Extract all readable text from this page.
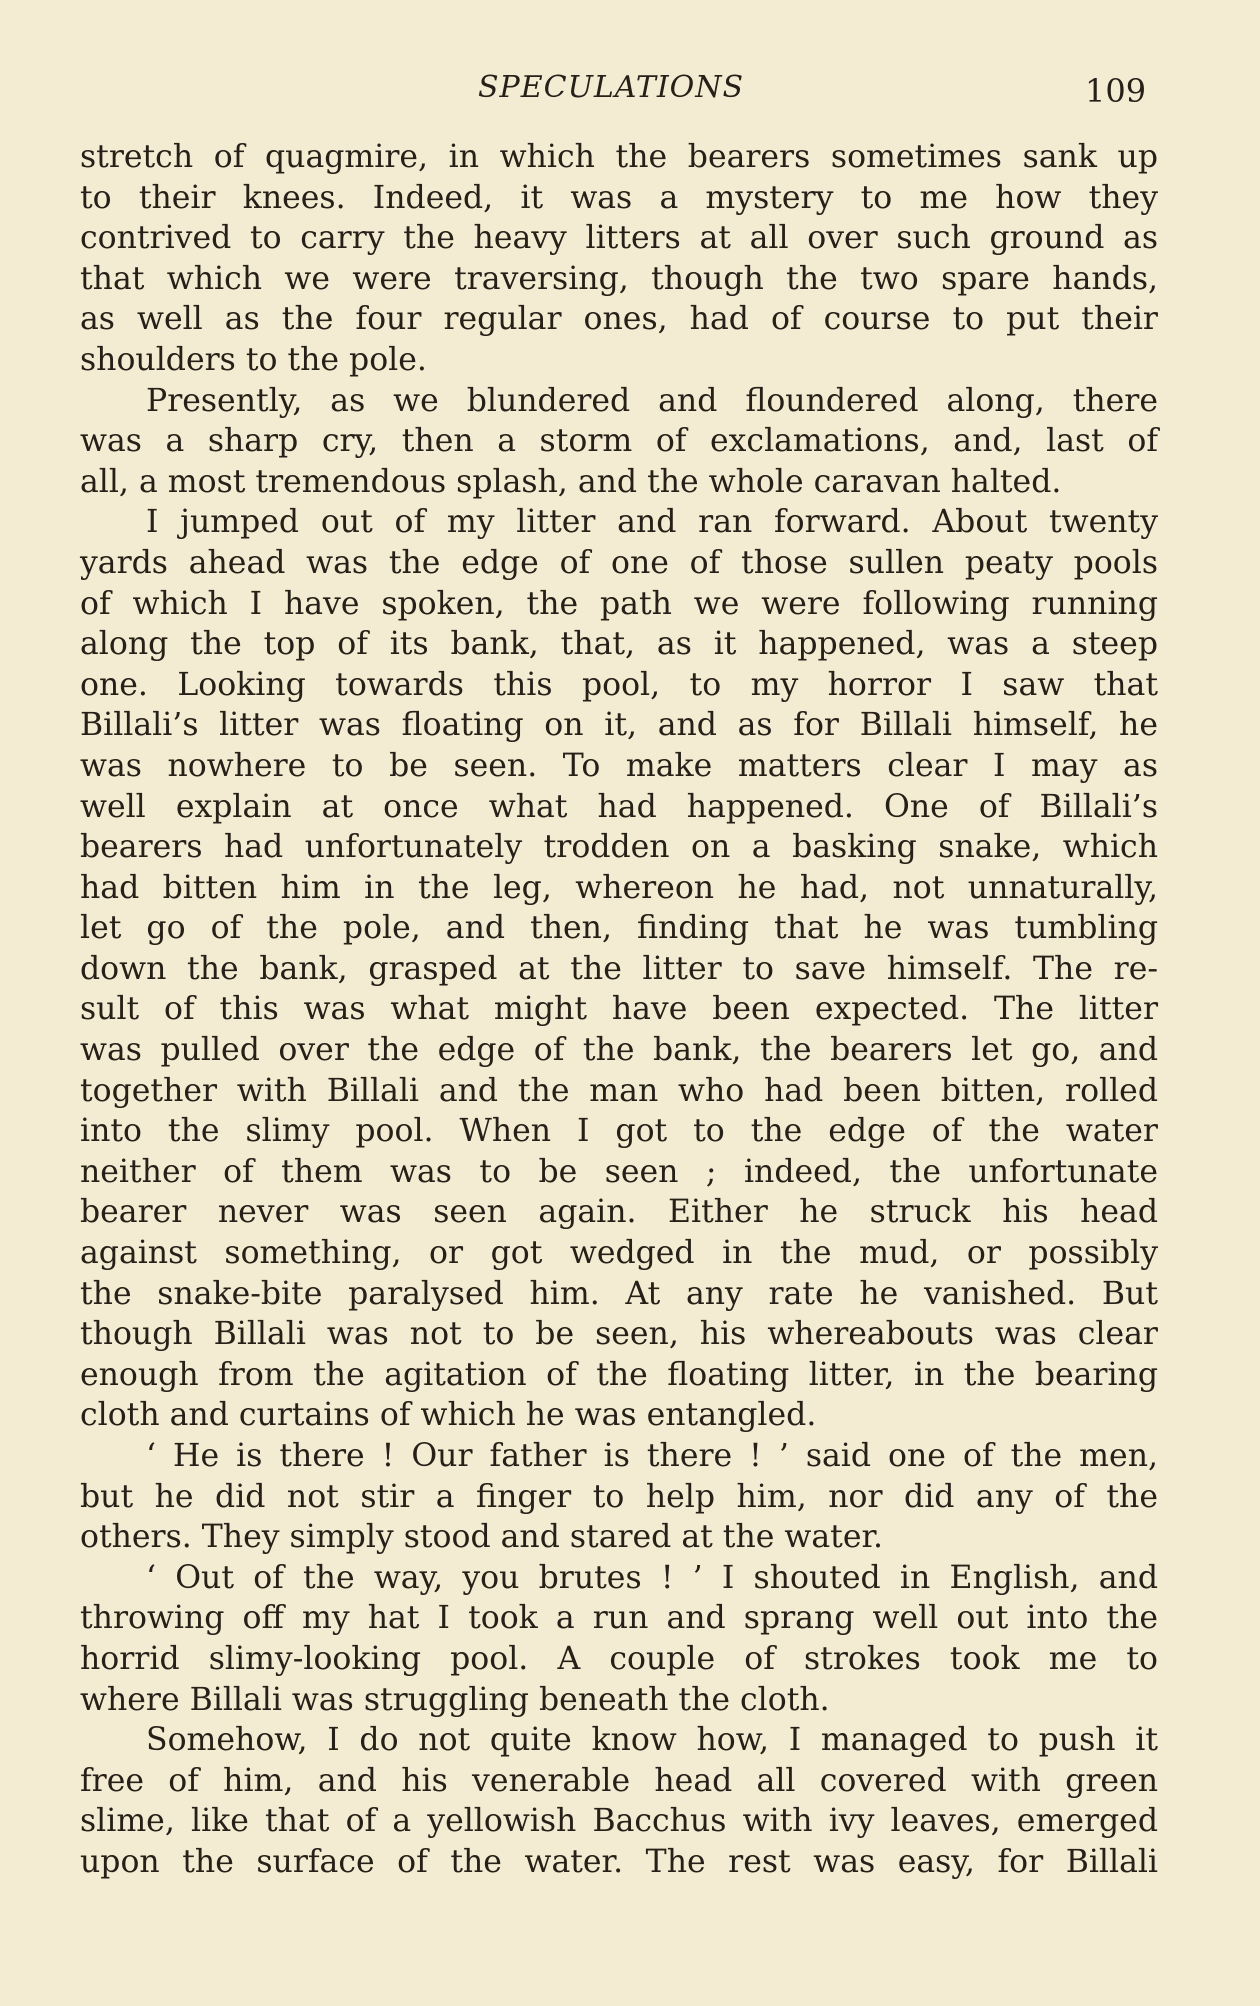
SPECULATIONS	109
stretch of quagmire, in which the bearers sometimes sank up
to their knees. Indeed, it was a mystery to me how they
contrived to carry the heavy litters at all over such ground as
that which we were traversing, though the two spare hands,
as well as the four regular ones, had of course to put their
shoulders to the pole.
Presently, as we blundered and floundered along, there
was a sharp cry, then a storm of exclamations, and, last of
all, a most tremendous splash, and the whole caravan halted.
I jumped out of my litter and ran forward. About twenty
yards ahead was the edge of one of those sullen peaty pools
of which I have spoken, the path we were following running
along the top of its bank, that, as it happened, was a steep
one. Looking towards this pool, to my horror I saw that
Billali’s litter was floating on it, and as for Billali himself, he
was nowhere to be seen. To make matters clear I may as
well explain at once what had happened. One of Billali’s
bearers had unfortunately trodden on a basking snake, which
had bitten him in the leg, whereon he had, not unnaturally,
let go of the pole, and then, finding that he was tumbling
down the bank, grasped at the litter to save himself. The re-
sult of this was what might have been expected. The litter
was pulled over the edge of the bank, the bearers let go, and
together with Billali and the man who had been bitten, rolled
into the slimy pool. When I got to the edge of the water
neither of them was to be seen ; indeed, the unfortunate
bearer never was seen again. Either he struck his head
against something, or got wedged in the mud, or possibly
the snake-bite paralysed him. At any rate he vanished. But
though Billali was not to be seen, his whereabouts was clear
enough from the agitation of the floating litter, in the bearing
cloth and curtains of which he was entangled.
‘ He is there ! Our father is there ! ’ said one of the men,
but he did not stir a finger to help him, nor did any of the
others. They simply stood and stared at the water.
‘ Out of the way, you brutes ! ’ I shouted in English, and
throwing off my hat I took a run and sprang well out into the
horrid slimy-looking pool. A couple of strokes took me to
where Billali was struggling beneath the cloth.
Somehow, I do not quite know how, I managed to push it
free of him, and his venerable head all covered with green
slime, like that of a yellowish Bacchus with ivy leaves, emerged
upon the surface of the water. The rest was easy, for Billali
